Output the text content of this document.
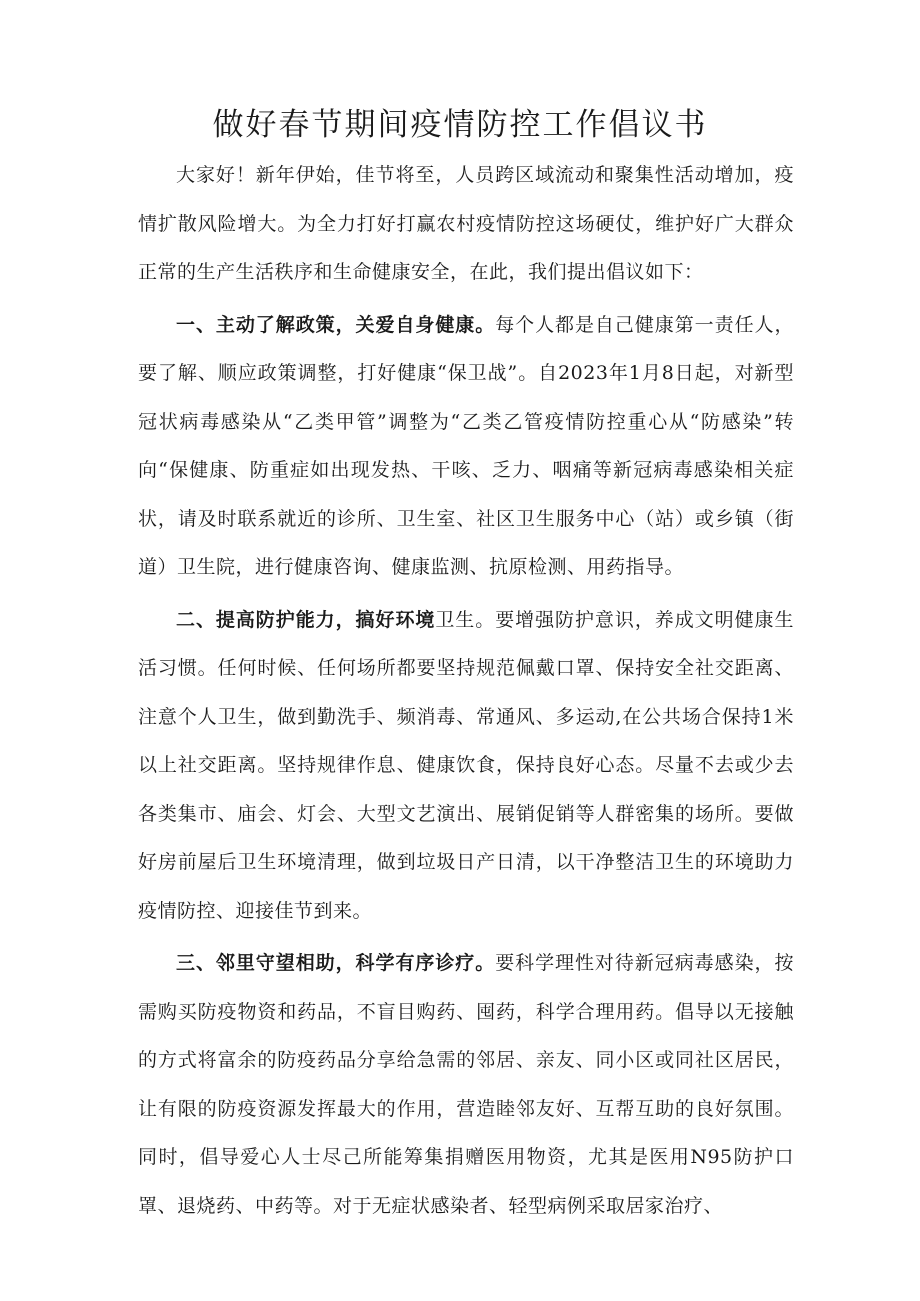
做好春节期间疫情防控工作倡议书

大家好！新年伊始，佳节将至，人员跨区域流动和聚集性活动增加，疫情扩散风险增大。为全力打好打赢农村疫情防控这场硬仗，维护好广大群众正常的生产生活秩序和生命健康安全，在此，我们提出倡议如下：

一、主动了解政策，关爱自身健康。每个人都是自己健康第一责任人，要了解、顺应政策调整，打好健康“保卫战”。自2023年1月8日起，对新型冠状病毒感染从“乙类甲管”调整为“乙类乙管疫情防控重心从“防感染”转向“保健康、防重症如出现发热、干咳、乏力、咽痛等新冠病毒感染相关症状，请及时联系就近的诊所、卫生室、社区卫生服务中心（站）或乡镇（街道）卫生院，进行健康咨询、健康监测、抗原检测、用药指导。

二、提高防护能力，搞好环境卫生。要增强防护意识，养成文明健康生活习惯。任何时候、任何场所都要坚持规范佩戴口罩、保持安全社交距离、注意个人卫生，做到勤洗手、频消毒、常通风、多运动,在公共场合保持1米以上社交距离。坚持规律作息、健康饮食，保持良好心态。尽量不去或少去各类集市、庙会、灯会、大型文艺演出、展销促销等人群密集的场所。要做好房前屋后卫生环境清理，做到垃圾日产日清，以干净整洁卫生的环境助力疫情防控、迎接佳节到来。

三、邻里守望相助，科学有序诊疗。要科学理性对待新冠病毒感染，按需购买防疫物资和药品，不盲目购药、囤药，科学合理用药。倡导以无接触的方式将富余的防疫药品分享给急需的邻居、亲友、同小区或同社区居民，让有限的防疫资源发挥最大的作用，营造睦邻友好、互帮互助的良好氛围。同时，倡导爱心人士尽己所能筹集捐赠医用物资，尤其是医用N95防护口罩、退烧药、中药等。对于无症状感染者、轻型病例采取居家治疗、
